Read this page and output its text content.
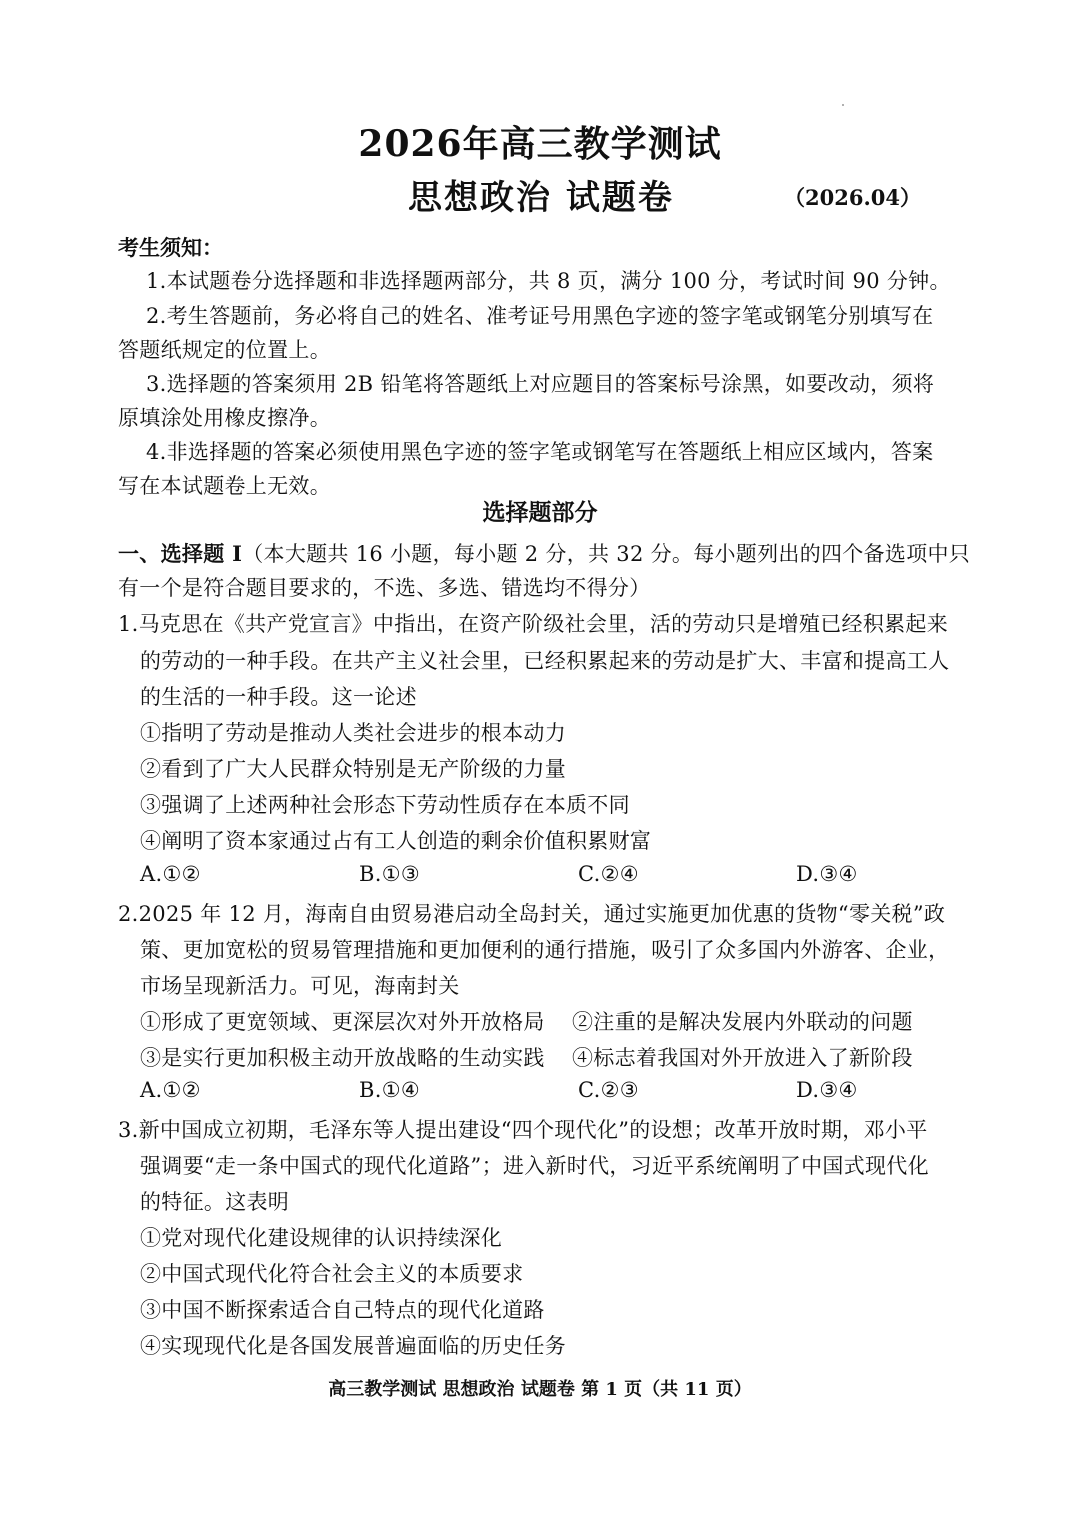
2026年高三教学测试
思想政治 试题卷	（2026.04）
考生须知：
1.本试题卷分选择题和非选择题两部分，共 8 页，满分 100 分，考试时间 90 分钟。
2.考生答题前，务必将自己的姓名、准考证号用黑色字迹的签字笔或钢笔分别填写在
答题纸规定的位置上。
3.选择题的答案须用 2B 铅笔将答题纸上对应题目的答案标号涂黑，如要改动，须将
原填涂处用橡皮擦净。
4.非选择题的答案必须使用黑色字迹的签字笔或钢笔写在答题纸上相应区域内，答案
写在本试题卷上无效。
选择题部分
一、选择题 I（本大题共 16 小题，每小题 2 分，共 32 分。每小题列出的四个备选项中只
有一个是符合题目要求的，不选、多选、错选均不得分）
1.马克思在《共产党宣言》中指出，在资产阶级社会里，活的劳动只是增殖已经积累起来
的劳动的一种手段。在共产主义社会里，已经积累起来的劳动是扩大、丰富和提高工人
的生活的一种手段。这一论述
①指明了劳动是推动人类社会进步的根本动力
②看到了广大人民群众特别是无产阶级的力量
③强调了上述两种社会形态下劳动性质存在本质不同
④阐明了资本家通过占有工人创造的剩余价值积累财富
A.①②	B.①③	C.②④	D.③④
2.2025 年 12 月，海南自由贸易港启动全岛封关，通过实施更加优惠的货物“零关税”政
策、更加宽松的贸易管理措施和更加便利的通行措施，吸引了众多国内外游客、企业，
市场呈现新活力。可见，海南封关
①形成了更宽领域、更深层次对外开放格局 ②注重的是解决发展内外联动的问题
③是实行更加积极主动开放战略的生动实践 ④标志着我国对外开放进入了新阶段
A.①②	B.①④	C.②③	D.③④
3.新中国成立初期，毛泽东等人提出建设“四个现代化”的设想；改革开放时期，邓小平
强调要“走一条中国式的现代化道路”；进入新时代，习近平系统阐明了中国式现代化
的特征。这表明
①党对现代化建设规律的认识持续深化
②中国式现代化符合社会主义的本质要求
③中国不断探索适合自己特点的现代化道路
④实现现代化是各国发展普遍面临的历史任务
高三教学测试 思想政治 试题卷 第 1 页（共 11 页）
